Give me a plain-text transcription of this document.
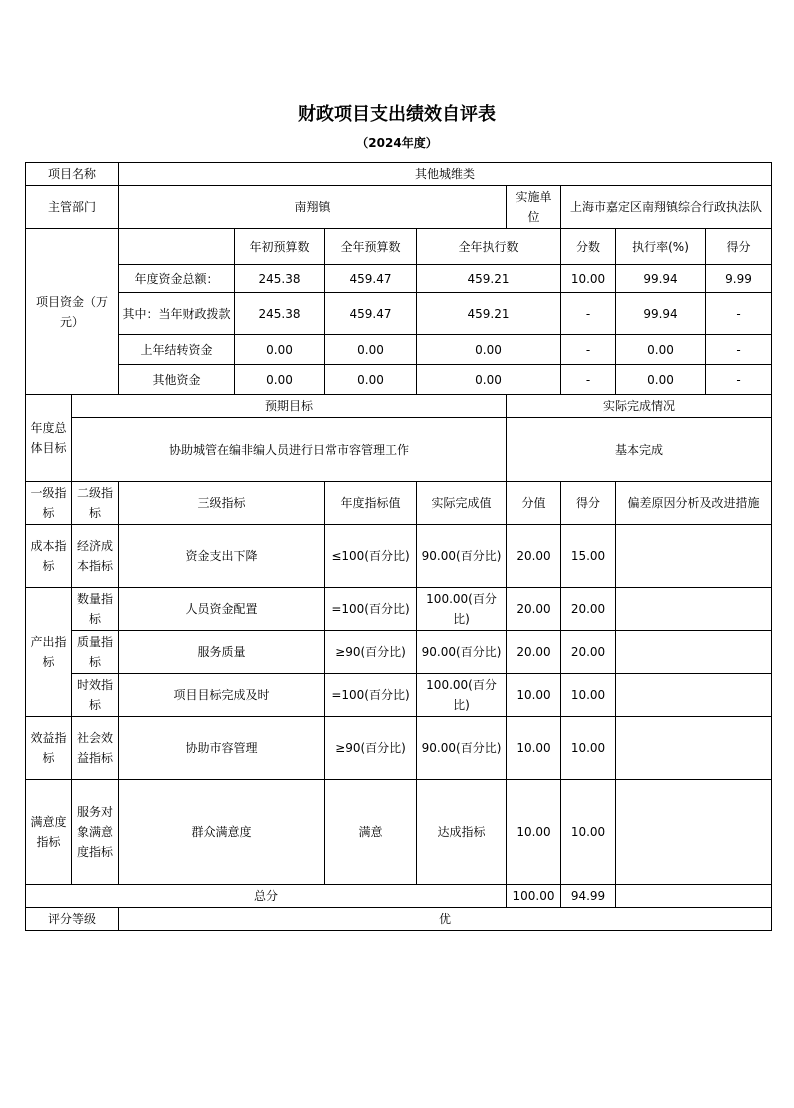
财政项目支出绩效自评表
（2024年度）
项目名称		其他城维类							
主管部门		南翔镇				实施单位	上海市嘉定区南翔镇综合行政执法队		
项目资金（万元）			年初预算数	全年预算数	全年执行数		分数	执行率(%)	得分
		年度资金总额：	245.38	459.47	459.21		10.00	99.94	9.99
		其中：当年财政拨款	245.38	459.47	459.21		-	99.94	-
		上年结转资金	0.00	0.00	0.00		-	0.00	-
		其他资金	0.00	0.00	0.00		-	0.00	-
年度总体目标	预期目标					实际完成情况			
	协助城管在编非编人员进行日常市容管理工作					基本完成			
一级指标	二级指标	三级指标		年度指标值	实际完成值	分值	得分	偏差原因分析及改进措施	
成本指标	经济成本指标	资金支出下降		≤100(百分比)	90.00(百分比)	20.00	15.00		
产出指标	数量指标	人员资金配置		=100(百分比)	100.00(百分比)	20.00	20.00		
	质量指标	服务质量		≥90(百分比)	90.00(百分比)	20.00	20.00		
	时效指标	项目目标完成及时		=100(百分比)	100.00(百分比)	10.00	10.00		
效益指标	社会效益指标	协助市容管理		≥90(百分比)	90.00(百分比)	10.00	10.00		
满意度指标	服务对象满意度指标	群众满意度		满意	达成指标	10.00	10.00		
总分						100.00	94.99		
评分等级		优							
